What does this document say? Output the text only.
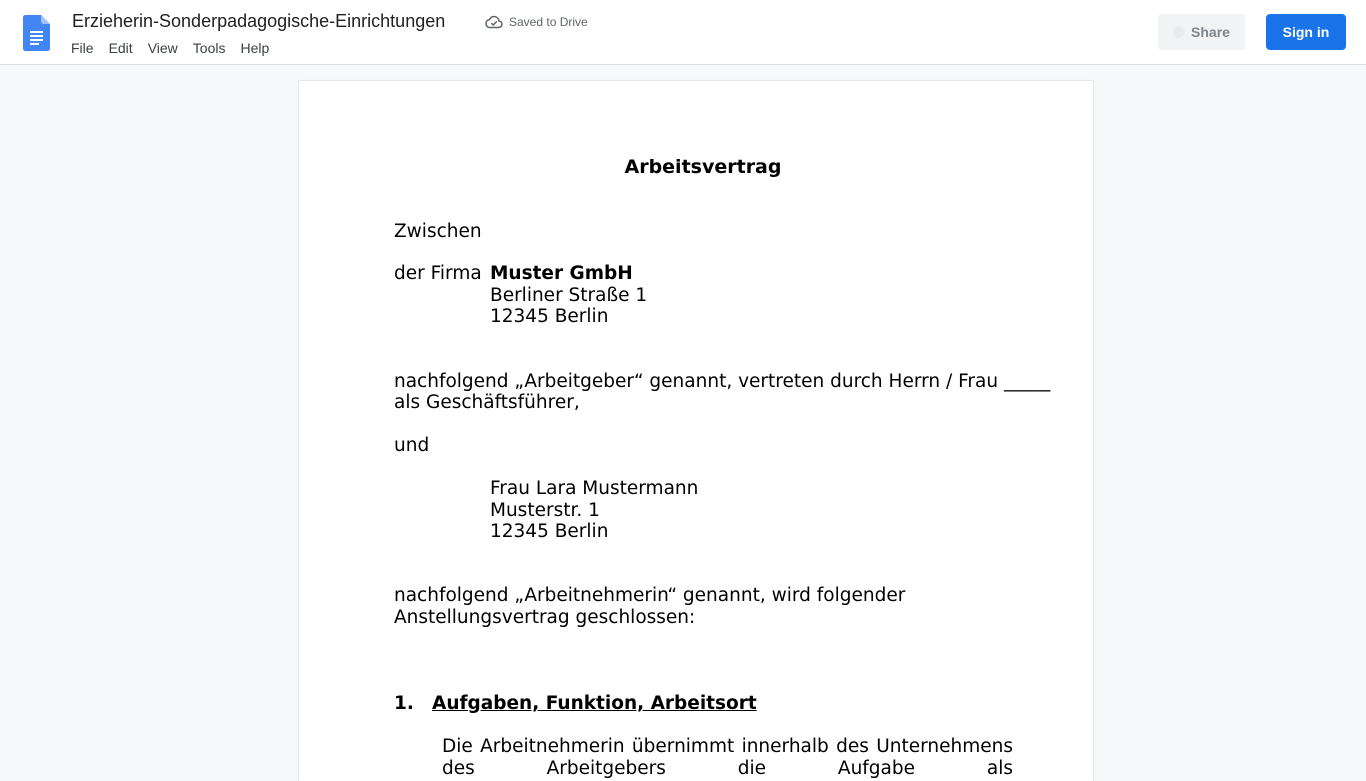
Erzieherin-Sonderpadagogische-Einrichtungen	Saved to Drive
File Edit View Tools Help
Share	Sign in
Arbeitsvertrag
Zwischen
der Firma Muster GmbH
Berliner Straße 1
12345 Berlin
nachfolgend „Arbeitgeber“ genannt, vertreten durch Herrn / Frau _____
als Geschäftsführer,
und
Frau Lara Mustermann
Musterstr. 1
12345 Berlin
nachfolgend „Arbeitnehmerin“ genannt, wird folgender
Anstellungsvertrag geschlossen:
1. Aufgaben, Funktion, Arbeitsort
Die Arbeitnehmerin übernimmt innerhalb des Unternehmens des Arbeitgebers die Aufgabe als
